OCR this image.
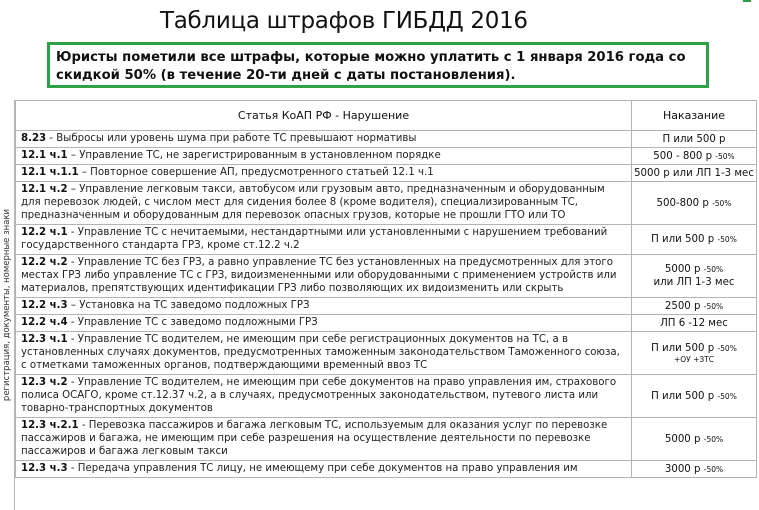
Таблица штрафов ГИБДД 2016
Юристы пометили все штрафы, которые можно уплатить с 1 января 2016 года со скидкой 50% (в течение 20-ти дней с даты постановления).
регистрация, документы, номерные знаки
Статья КоАП РФ - Нарушение	Наказание
8.23 - Выбросы или уровень шума при работе ТС превышают нормативы	П или 500 р
12.1 ч.1 – Управление ТС, не зарегистрированным в установленном порядке	500 - 800 р -50%
12.1 ч.1.1 – Повторное совершение АП, предусмотренного статьей 12.1 ч.1	5000 р или ЛП 1-3 мес
12.1 ч.2 – Управление легковым такси, автобусом или грузовым авто, предназначенным и оборудованным для перевозок людей, с числом мест для сидения более 8 (кроме водителя), специализированным ТС, предназначенным и оборудованным для перевозок опасных грузов, которые не прошли ГТО или ТО	500-800 р -50%
12.2 ч.1 - Управление ТС с нечитаемыми, нестандартными или установленными с нарушением требований государственного стандарта ГРЗ, кроме ст.12.2 ч.2	П или 500 р -50%
12.2 ч.2 - Управление ТС без ГРЗ, а равно управление ТС без установленных на предусмотренных для этого местах ГРЗ либо управление ТС с ГРЗ, видоизмененными или оборудованными с применением устройств или материалов, препятствующих идентификации ГРЗ либо позволяющих их видоизменить или скрыть	5000 р -50%
или ЛП 1-3 мес
12.2 ч.3 – Установка на ТС заведомо подложных ГРЗ	2500 р -50%
12.2 ч.4 - Управление ТС с заведомо подложными ГРЗ	ЛП 6 -12 мес
12.3 ч.1 - Управление ТС водителем, не имеющим при себе регистрационных документов на ТС, а в установленных случаях документов, предусмотренных таможенным законодательством Таможенного союза, с отметками таможенных органов, подтверждающими временный ввоз ТС	П или 500 р -50%
+ОУ +ЗТС

12.3 ч.2 - Управление ТС водителем, не имеющим при себе документов на право управления им, страхового полиса ОСАГО, кроме ст.12.37 ч.2, а в случаях, предусмотренных законодательством, путевого листа или товарно-транспортных документов	П или 500 р -50%
12.3 ч.2.1 - Перевозка пассажиров и багажа легковым ТС, используемым для оказания услуг по перевозке пассажиров и багажа, не имеющим при себе разрешения на осуществление деятельности по перевозке пассажиров и багажа легковым такси	5000 р -50%
12.3 ч.3 - Передача управления ТС лицу, не имеющему при себе документов на право управления им	3000 р -50%
